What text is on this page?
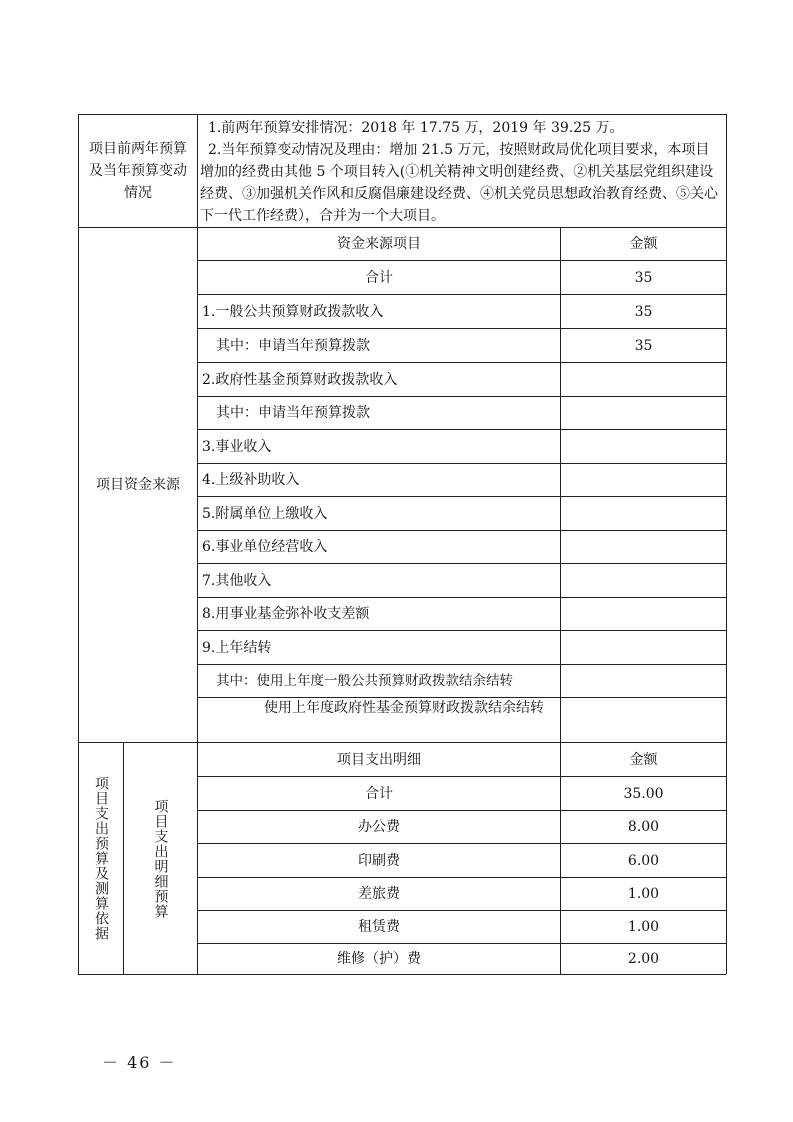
项目前两年预算及当年预算变动情况

1.前两年预算安排情况：2018 年 17.75 万，2019 年 39.25 万。

2.当年预算变动情况及理由：增加 21.5 万元，按照财政局优化项目要求，本项目增加的经费由其他 5 个项目转入(①机关精神文明创建经费、②机关基层党组织建设经费、③加强机关作风和反腐倡廉建设经费、④机关党员思想政治教育经费、⑤关心下一代工作经费），合并为一个大项目。

项目资金来源
资金来源项目	金额
合计	35
1.一般公共预算财政拨款收入	35
其中：申请当年预算拨款	35
2.政府性基金预算财政拨款收入
其中：申请当年预算拨款
3.事业收入
4.上级补助收入
5.附属单位上缴收入
6.事业单位经营收入
7.其他收入
8.用事业基金弥补收支差额
9.上年结转
其中：使用上年度一般公共预算财政拨款结余结转
使用上年度政府性基金预算财政拨款结余结转
项目支出预算及测算依据	项目支出明细预算
项目支出明细	金额
合计	35.00
办公费	8.00
印刷费	6.00
差旅费	1.00
租赁费	1.00
维修（护）费	2.00
－ 46 －
